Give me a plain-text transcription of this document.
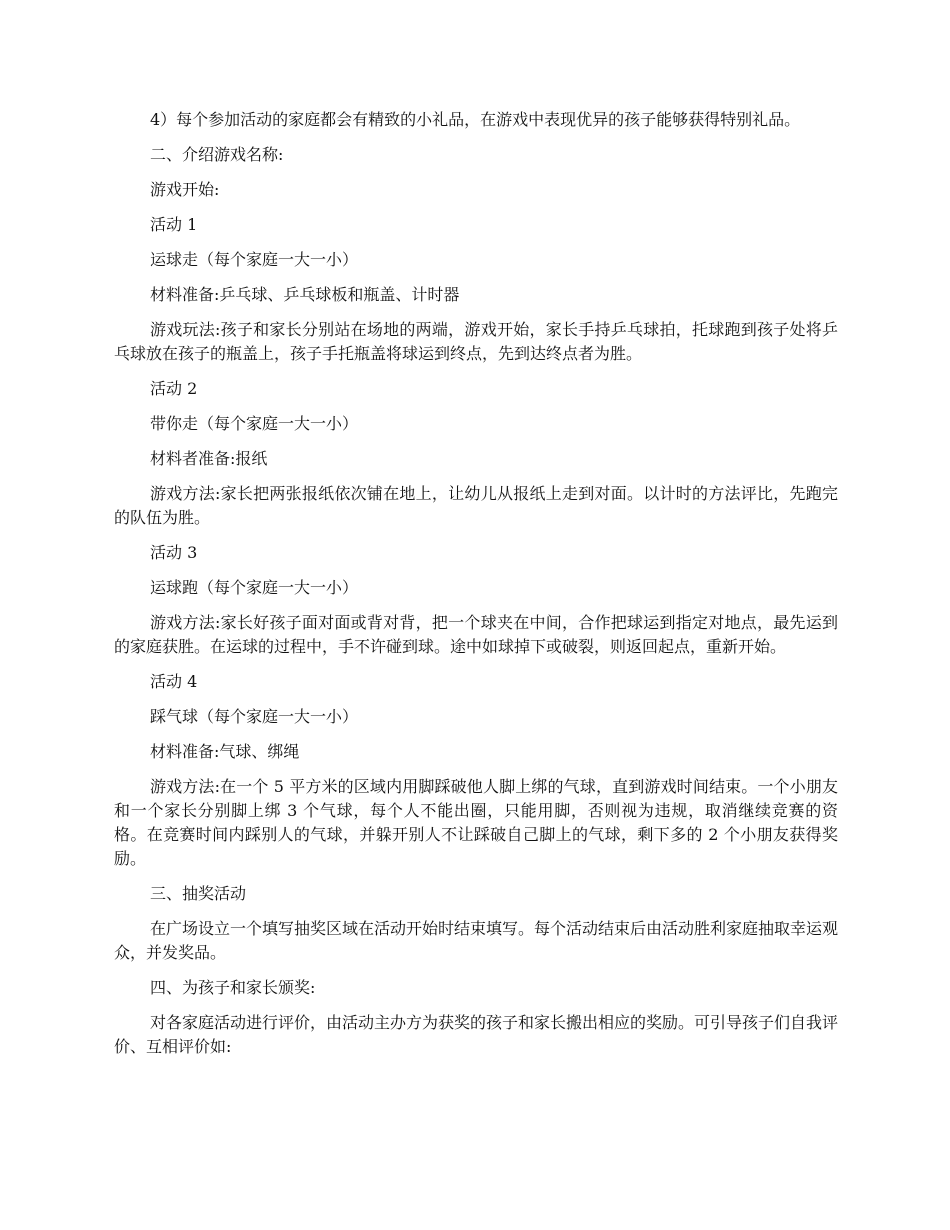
4）每个参加活动的家庭都会有精致的小礼品，在游戏中表现优异的孩子能够获得特别礼品。

二、介绍游戏名称:

游戏开始:

活动 1

运球走（每个家庭一大一小）

材料准备:乒乓球、乒乓球板和瓶盖、计时器

游戏玩法:孩子和家长分别站在场地的两端，游戏开始，家长手持乒乓球拍，托球跑到孩子处将乒乓球放在孩子的瓶盖上，孩子手托瓶盖将球运到终点，先到达终点者为胜。

活动 2

带你走（每个家庭一大一小）

材料者准备:报纸

游戏方法:家长把两张报纸依次铺在地上，让幼儿从报纸上走到对面。以计时的方法评比，先跑完的队伍为胜。

活动 3

运球跑（每个家庭一大一小）

游戏方法:家长好孩子面对面或背对背，把一个球夹在中间，合作把球运到指定对地点，最先运到的家庭获胜。在运球的过程中，手不许碰到球。途中如球掉下或破裂，则返回起点，重新开始。

活动 4

踩气球（每个家庭一大一小）

材料准备:气球、绑绳

游戏方法:在一个 5 平方米的区域内用脚踩破他人脚上绑的气球，直到游戏时间结束。一个小朋友和一个家长分别脚上绑 3 个气球，每个人不能出圈，只能用脚，否则视为违规，取消继续竞赛的资格。在竞赛时间内踩别人的气球，并躲开别人不让踩破自己脚上的气球，剩下多的 2 个小朋友获得奖励。

三、抽奖活动

在广场设立一个填写抽奖区域在活动开始时结束填写。每个活动结束后由活动胜利家庭抽取幸运观众，并发奖品。

四、为孩子和家长颁奖:

对各家庭活动进行评价，由活动主办方为获奖的孩子和家长搬出相应的奖励。可引导孩子们自我评价、互相评价如:
